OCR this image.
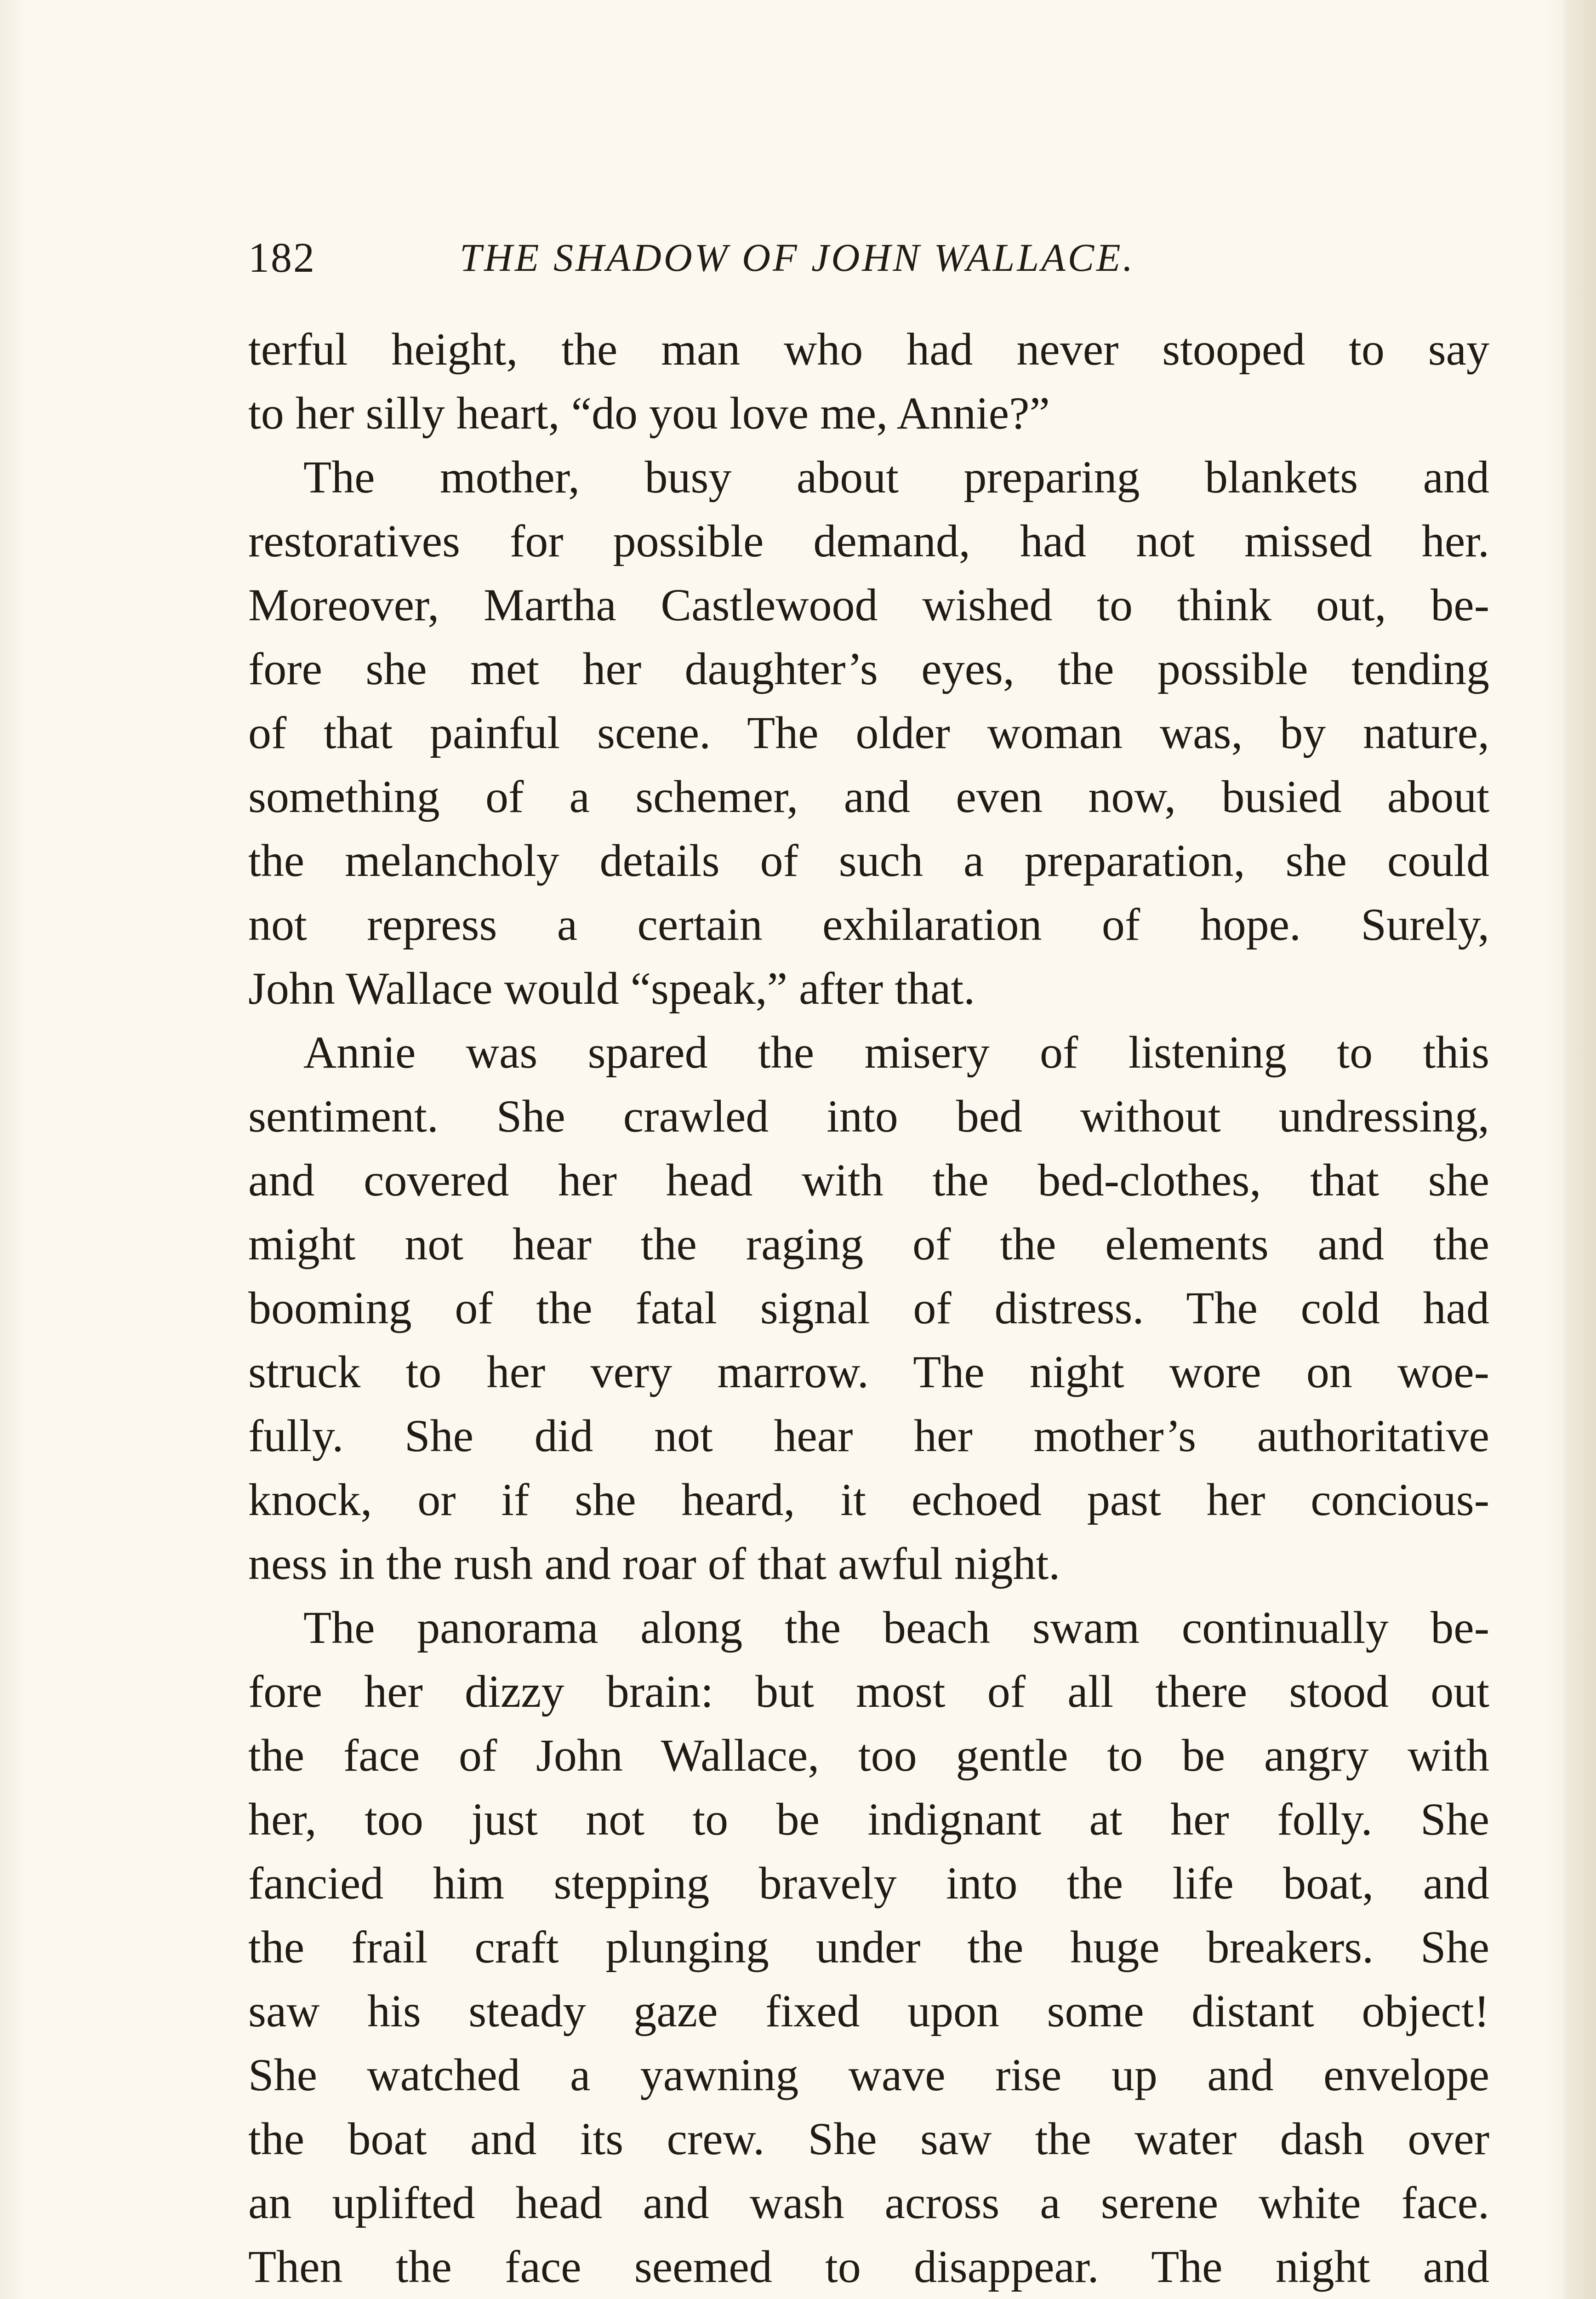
182	THE SHADOW OF JOHN WALLACE.
terful height, the man who had never stooped to say
to her silly heart, “do you love me, Annie?”
The mother, busy about preparing blankets and
restoratives for possible demand, had not missed her.
Moreover, Martha Castlewood wished to think out, be-
fore she met her daughter’s eyes, the possible tending
of that painful scene. The older woman was, by nature,
something of a schemer, and even now, busied about
the melancholy details of such a preparation, she could
not repress a certain exhilaration of hope. Surely,
John Wallace would “speak,” after that.
Annie was spared the misery of listening to this
sentiment. She crawled into bed without undressing,
and covered her head with the bed-clothes, that she
might not hear the raging of the elements and the
booming of the fatal signal of distress. The cold had
struck to her very marrow. The night wore on woe-
fully. She did not hear her mother’s authoritative
knock, or if she heard, it echoed past her concious-
ness in the rush and roar of that awful night.
The panorama along the beach swam continually be-
fore her dizzy brain: but most of all there stood out
the face of John Wallace, too gentle to be angry with
her, too just not to be indignant at her folly. She
fancied him stepping bravely into the life boat, and
the frail craft plunging under the huge breakers. She
saw his steady gaze fixed upon some distant object!
She watched a yawning wave rise up and envelope
the boat and its crew. She saw the water dash over
an uplifted head and wash across a serene white face.
Then the face seemed to disappear. The night and
